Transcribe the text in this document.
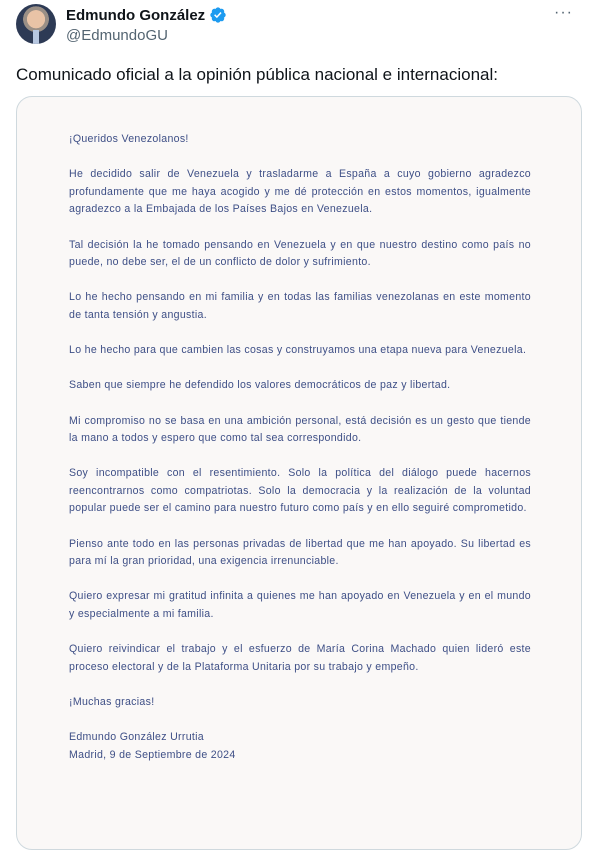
Edmundo González
@EdmundoGU
···
Comunicado oficial a la opinión pública nacional e internacional:

¡Queridos Venezolanos!

He decidido salir de Venezuela y trasladarme a España a cuyo gobierno agradezco profundamente que me haya acogido y me dé protección en estos momentos, igualmente agradezco a la Embajada de los Países Bajos en Venezuela.

Tal decisión la he tomado pensando en Venezuela y en que nuestro destino como país no puede, no debe ser, el de un conflicto de dolor y sufrimiento.

Lo he hecho pensando en mi familia y en todas las familias venezolanas en este momento de tanta tensión y angustia.

Lo he hecho para que cambien las cosas y construyamos una etapa nueva para Venezuela.

Saben que siempre he defendido los valores democráticos de paz y libertad.

Mi compromiso no se basa en una ambición personal, está decisión es un gesto que tiende la mano a todos y espero que como tal sea correspondido.

Soy incompatible con el resentimiento. Solo la política del diálogo puede hacernos reencontrarnos como compatriotas. Solo la democracia y la realización de la voluntad popular puede ser el camino para nuestro futuro como país y en ello seguiré comprometido.

Pienso ante todo en las personas privadas de libertad que me han apoyado. Su libertad es para mí la gran prioridad, una exigencia irrenunciable.

Quiero expresar mi gratitud infinita a quienes me han apoyado en Venezuela y en el mundo y especialmente a mi familia.

Quiero reivindicar el trabajo y el esfuerzo de María Corina Machado quien lideró este proceso electoral y de la Plataforma Unitaria por su trabajo y empeño.

¡Muchas gracias!

Edmundo González Urrutia

Madrid, 9 de Septiembre de 2024
